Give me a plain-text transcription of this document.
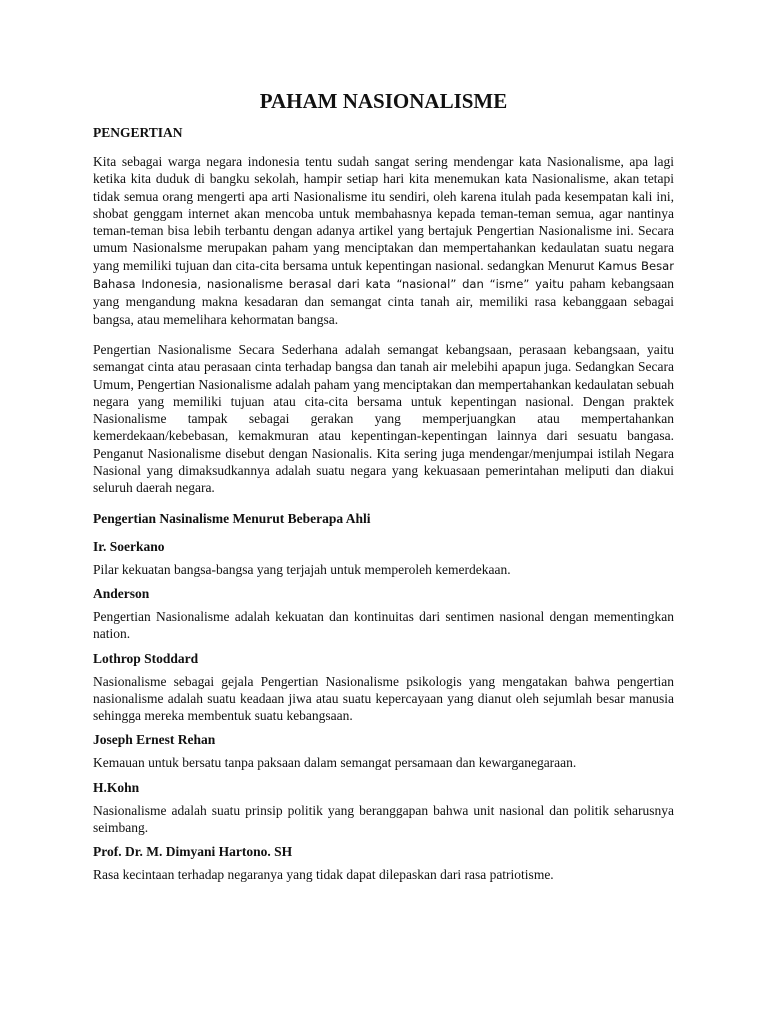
PAHAM NASIONALISME
PENGERTIAN

Kita sebagai warga negara indonesia tentu sudah sangat sering mendengar kata Nasionalisme, apa lagi ketika kita duduk di bangku sekolah, hampir setiap hari kita menemukan kata Nasionalisme, akan tetapi tidak semua orang mengerti apa arti Nasionalisme itu sendiri, oleh karena itulah pada kesempatan kali ini, shobat genggam internet akan mencoba untuk membahasnya kepada teman-teman semua, agar nantinya teman-teman bisa lebih terbantu dengan adanya artikel yang bertajuk Pengertian Nasionalisme ini. Secara umum Nasionalsme merupakan paham yang menciptakan dan mempertahankan kedaulatan suatu negara yang memiliki tujuan dan cita-cita bersama untuk kepentingan nasional. sedangkan Menurut Kamus Besar Bahasa Indonesia, nasionalisme berasal dari kata “nasional” dan “isme” yaitu paham kebangsaan yang mengandung makna kesadaran dan semangat cinta tanah air, memiliki rasa kebanggaan sebagai bangsa, atau memelihara kehormatan bangsa.

Pengertian Nasionalisme Secara Sederhana adalah semangat kebangsaan, perasaan kebangsaan, yaitu semangat cinta atau perasaan cinta terhadap bangsa dan tanah air melebihi apapun juga. Sedangkan Secara Umum, Pengertian Nasionalisme adalah paham yang menciptakan dan mempertahankan kedaulatan sebuah negara yang memiliki tujuan atau cita-cita bersama untuk kepentingan nasional. Dengan praktek Nasionalisme tampak sebagai gerakan yang memperjuangkan atau mempertahankan kemerdekaan/kebebasan, kemakmuran atau kepentingan-kepentingan lainnya dari sesuatu bangasa. Penganut Nasionalisme disebut dengan Nasionalis. Kita sering juga mendengar/menjumpai istilah Negara Nasional yang dimaksudkannya adalah suatu negara yang kekuasaan pemerintahan meliputi dan diakui seluruh daerah negara.

Pengertian Nasinalisme Menurut Beberapa Ahli
Ir. Soerkano

Pilar kekuatan bangsa-bangsa yang terjajah untuk memperoleh kemerdekaan.

Anderson

Pengertian Nasionalisme adalah kekuatan dan kontinuitas dari sentimen nasional dengan mementingkan nation.

Lothrop Stoddard

Nasionalisme sebagai gejala Pengertian Nasionalisme psikologis yang mengatakan bahwa pengertian nasionalisme adalah suatu keadaan jiwa atau suatu kepercayaan yang dianut oleh sejumlah besar manusia sehingga mereka membentuk suatu kebangsaan.

Joseph Ernest Rehan

Kemauan untuk bersatu tanpa paksaan dalam semangat persamaan dan kewarganegaraan.

H.Kohn

Nasionalisme adalah suatu prinsip politik yang beranggapan bahwa unit nasional dan politik seharusnya seimbang.

Prof. Dr. M. Dimyani Hartono. SH

Rasa kecintaan terhadap negaranya yang tidak dapat dilepaskan dari rasa patriotisme.
